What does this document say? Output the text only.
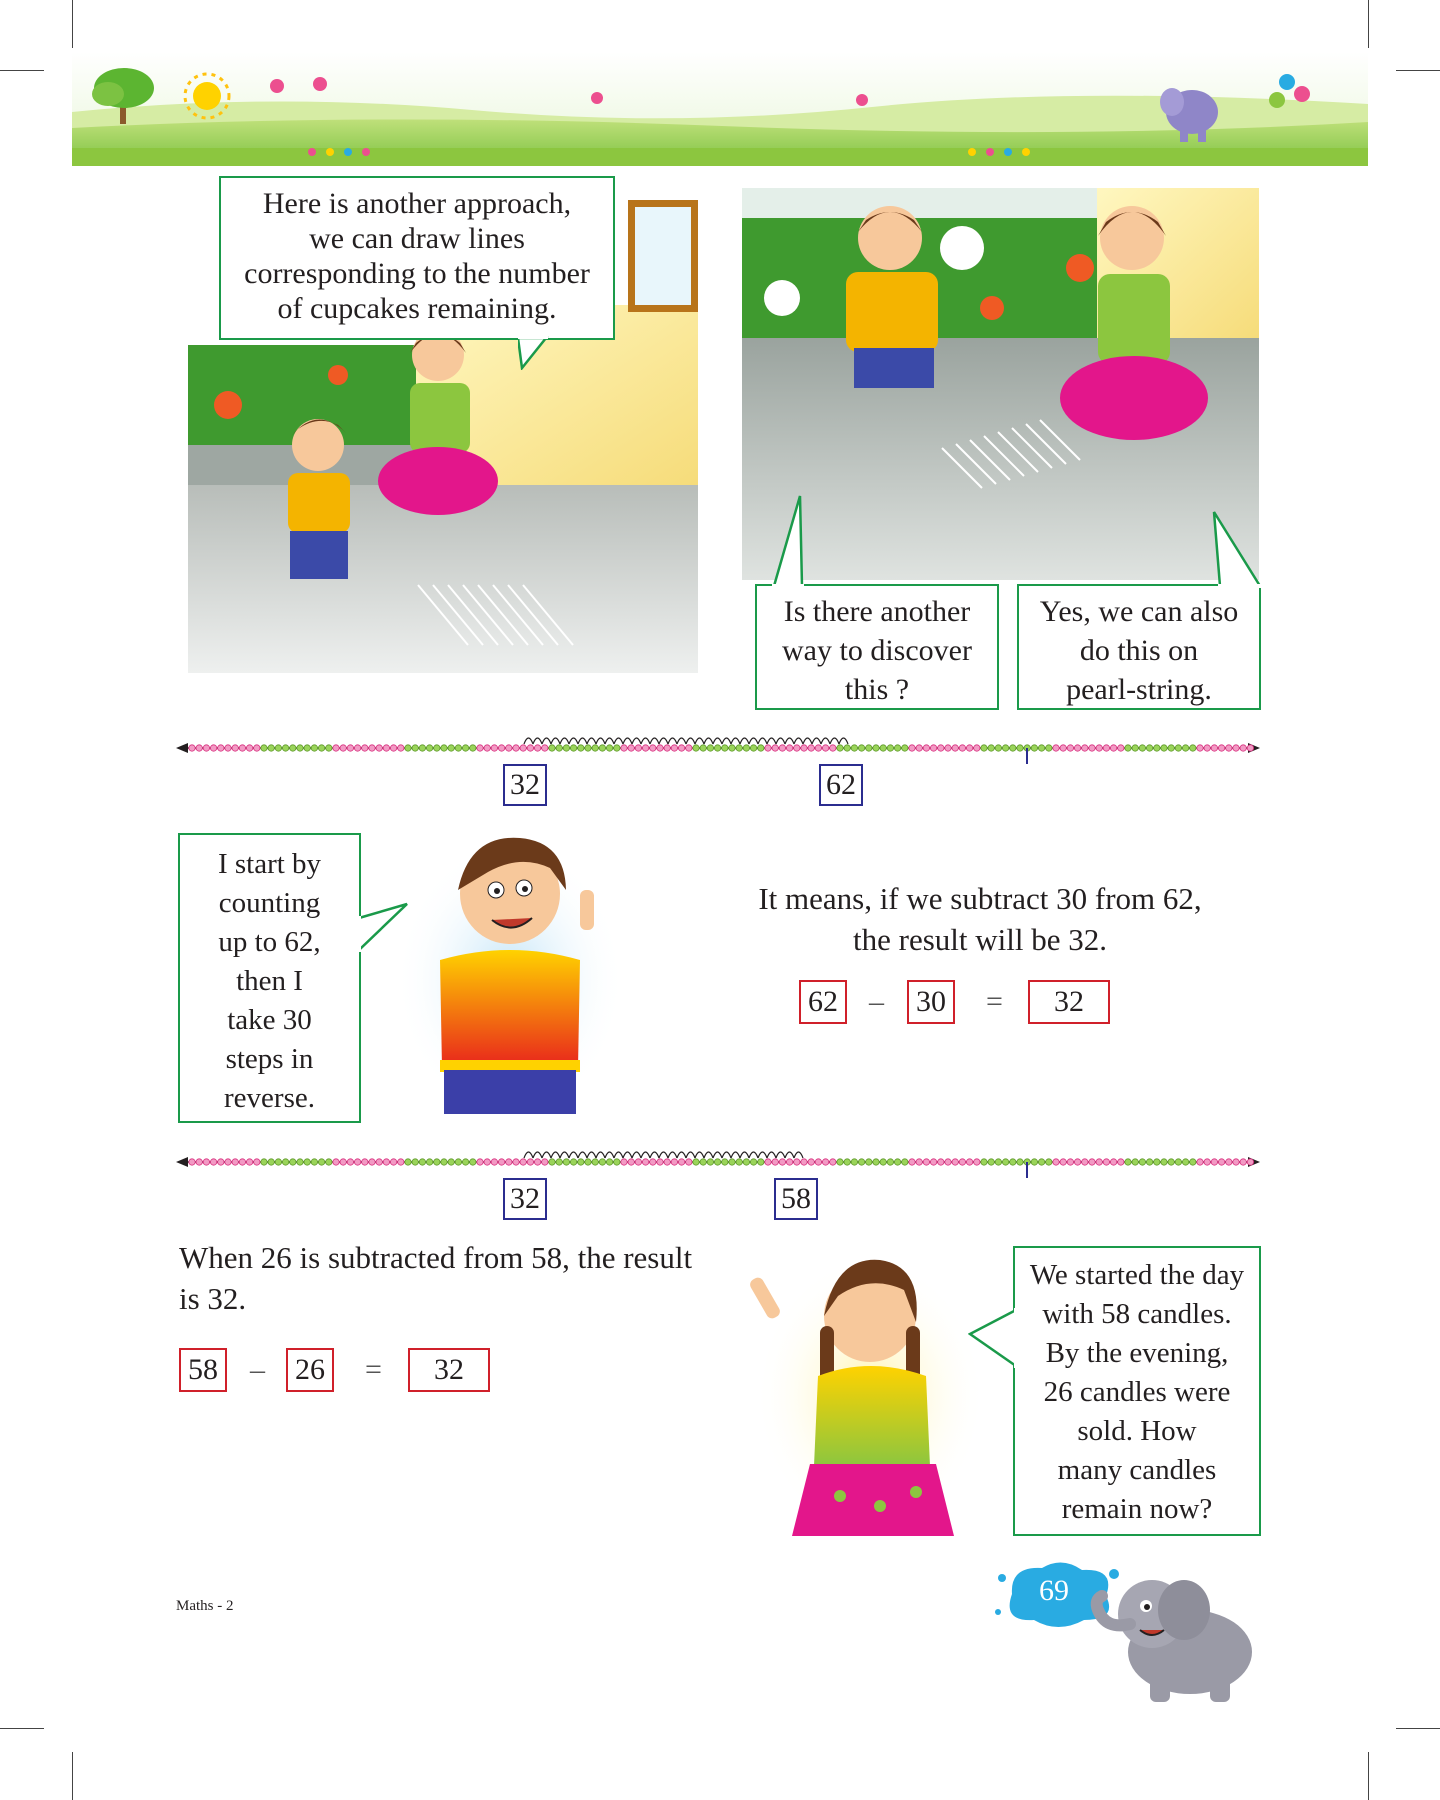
Here is another approach,
we can draw lines
corresponding to the number
of cupcakes remaining.
Is there another
way to discover
this ?
Yes, we can also
do this on
pearl-string.
32	62
I start by
counting
up to 62,
then I
take 30
steps in
reverse.
It means, if we subtract 30 from 62,
the result will be 32.
62	–	30	=	32
32	58
When 26 is subtracted from 58, the result
is 32.
58	–	26	=	32
We started the day
with 58 candles.
By the evening,
26 candles were
sold. How
many candles
remain now?
Maths - 2	69
